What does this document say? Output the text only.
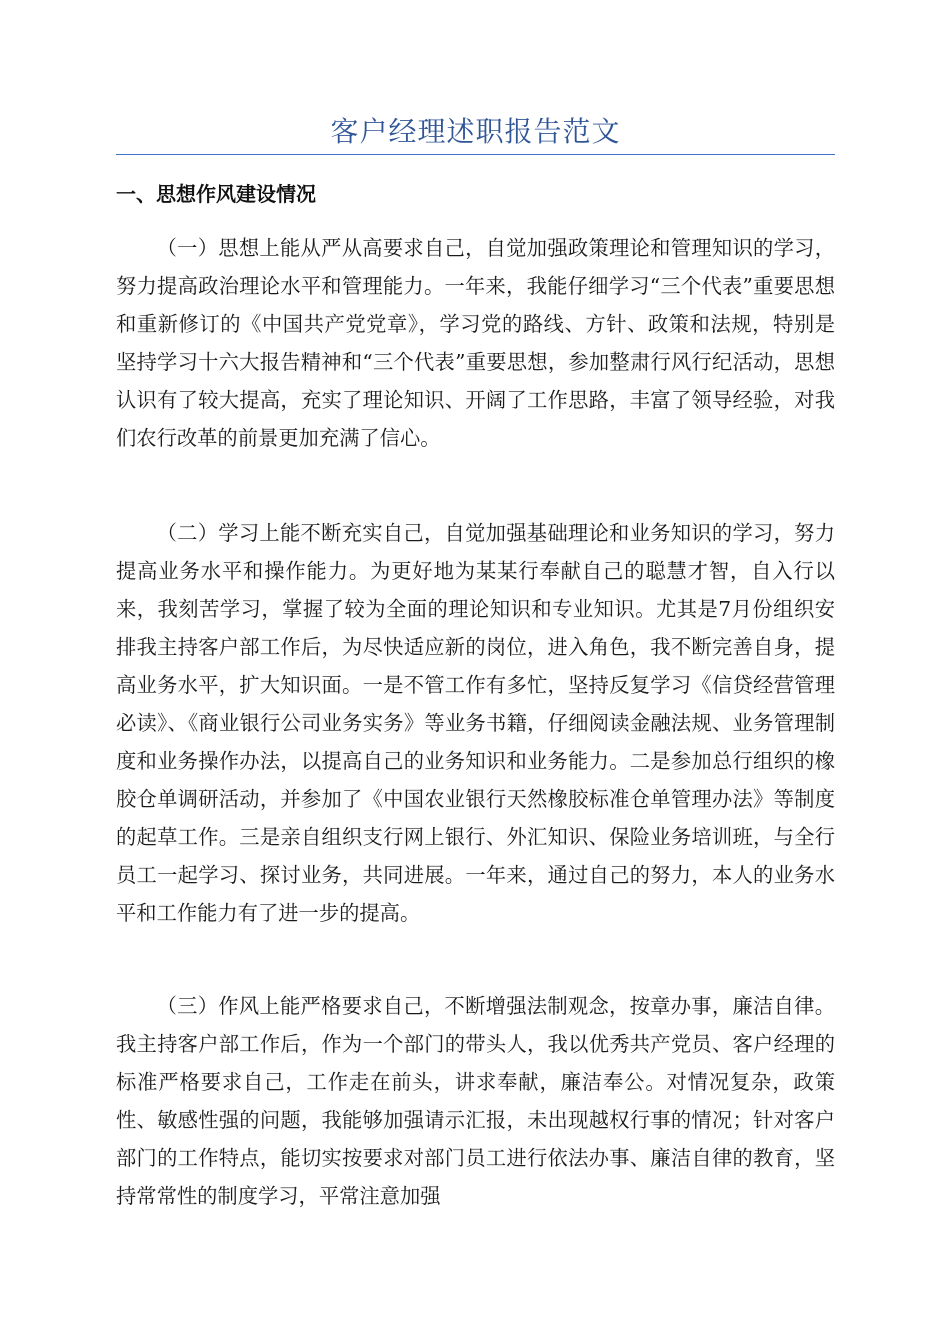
客户经理述职报告范文
一、思想作风建设情况

（一）思想上能从严从高要求自己，自觉加强政策理论和管理知识的学习，努力提高政治理论水平和管理能力。一年来，我能仔细学习“三个代表”重要思想和重新修订的《中国共产党党章》，学习党的路线、方针、政策和法规，特别是坚持学习十六大报告精神和“三个代表”重要思想，参加整肃行风行纪活动，思想认识有了较大提高，充实了理论知识、开阔了工作思路，丰富了领导经验，对我们农行改革的前景更加充满了信心。

（二）学习上能不断充实自己，自觉加强基础理论和业务知识的学习，努力提高业务水平和操作能力。为更好地为某某行奉献自己的聪慧才智，自入行以来，我刻苦学习，掌握了较为全面的理论知识和专业知识。尤其是7月份组织安排我主持客户部工作后，为尽快适应新的岗位，进入角色，我不断完善自身，提高业务水平，扩大知识面。一是不管工作有多忙，坚持反复学习《信贷经营管理必读》、《商业银行公司业务实务》等业务书籍，仔细阅读金融法规、业务管理制度和业务操作办法，以提高自己的业务知识和业务能力。二是参加总行组织的橡胶仓单调研活动，并参加了《中国农业银行天然橡胶标准仓单管理办法》等制度的起草工作。三是亲自组织支行网上银行、外汇知识、保险业务培训班，与全行员工一起学习、探讨业务，共同进展。一年来，通过自己的努力，本人的业务水平和工作能力有了进一步的提高。

（三）作风上能严格要求自己，不断增强法制观念，按章办事，廉洁自律。我主持客户部工作后，作为一个部门的带头人，我以优秀共产党员、客户经理的标准严格要求自己，工作走在前头，讲求奉献，廉洁奉公。对情况复杂，政策性、敏感性强的问题，我能够加强请示汇报，未出现越权行事的情况；针对客户部门的工作特点，能切实按要求对部门员工进行依法办事、廉洁自律的教育，坚持常常性的制度学习，平常注意加强
